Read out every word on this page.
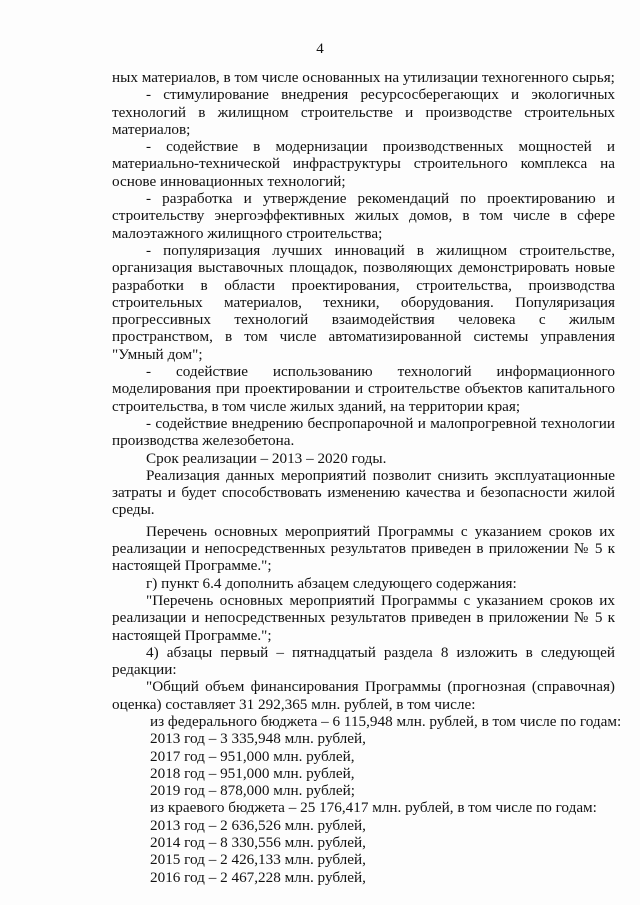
4

ных материалов, в том числе основанных на утилизации техногенного сырья;

- стимулирование внедрения ресурсосберегающих и экологичных технологий в жилищном строительстве и производстве строительных материалов;

- содействие в модернизации производственных мощностей и материально-технической инфраструктуры строительного комплекса на основе инновационных технологий;

- разработка и утверждение рекомендаций по проектированию и строительству энергоэффективных жилых домов, в том числе в сфере малоэтажного жилищного строительства;

- популяризация лучших инноваций в жилищном строительстве, организация выставочных площадок, позволяющих демонстрировать новые разработки в области проектирования, строительства, производства строительных материалов, техники, оборудования. Популяризация прогрессивных технологий взаимодействия человека с жилым пространством, в том числе автоматизированной системы управления "Умный дом";

- содействие использованию технологий информационного моделирования при проектировании и строительстве объектов капитального строительства, в том числе жилых зданий, на территории края;

- содействие внедрению беспропарочной и малопрогревной технологии производства железобетона.

Срок реализации – 2013 – 2020 годы.

Реализация данных мероприятий позволит снизить эксплуатационные затраты и будет способствовать изменению качества и безопасности жилой среды.

Перечень основных мероприятий Программы с указанием сроков их реализации и непосредственных результатов приведен в приложении № 5 к настоящей Программе.";

г) пункт 6.4 дополнить абзацем следующего содержания:

"Перечень основных мероприятий Программы с указанием сроков их реализации и непосредственных результатов приведен в приложении № 5 к настоящей Программе.";

4) абзацы первый – пятнадцатый раздела 8 изложить в следующей редакции:

"Общий объем финансирования Программы (прогнозная (справочная) оценка) составляет 31 292,365 млн. рублей, в том числе:

из федерального бюджета – 6 115,948 млн. рублей, в том числе по годам:

2013 год – 3 335,948 млн. рублей,

2017 год – 951,000 млн. рублей,

2018 год – 951,000 млн. рублей,

2019 год – 878,000 млн. рублей;

из краевого бюджета – 25 176,417 млн. рублей, в том числе по годам:

2013 год – 2 636,526 млн. рублей,

2014 год – 8 330,556 млн. рублей,

2015 год – 2 426,133 млн. рублей,

2016 год – 2 467,228 млн. рублей,
